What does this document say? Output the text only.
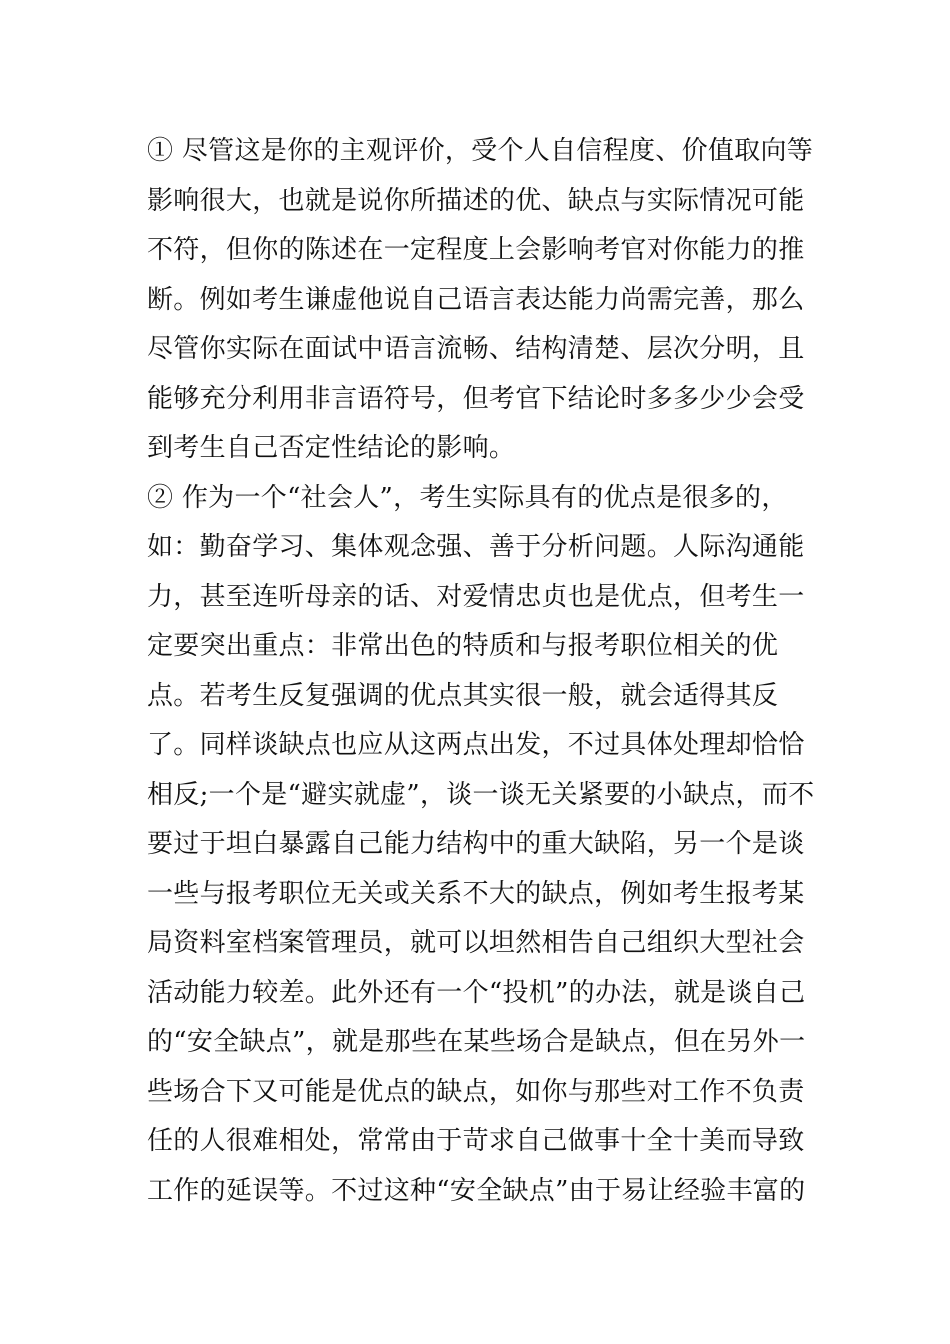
① 尽管这是你的主观评价，受个人自信程度、价值取向等
影响很大，也就是说你所描述的优、缺点与实际情况可能
不符，但你的陈述在一定程度上会影响考官对你能力的推
断。例如考生谦虚他说自己语言表达能力尚需完善，那么
尽管你实际在面试中语言流畅、结构清楚、层次分明，且
能够充分利用非言语符号，但考官下结论时多多少少会受
到考生自己否定性结论的影响。
② 作为一个“社会人”，考生实际具有的优点是很多的，
如：勤奋学习、集体观念强、善于分析问题。人际沟通能
力，甚至连听母亲的话、对爱情忠贞也是优点，但考生一
定要突出重点：非常出色的特质和与报考职位相关的优
点。若考生反复强调的优点其实很一般，就会适得其反
了。同样谈缺点也应从这两点出发，不过具体处理却恰恰
相反;一个是“避实就虚”，谈一谈无关紧要的小缺点，而不
要过于坦白暴露自己能力结构中的重大缺陷，另一个是谈
一些与报考职位无关或关系不大的缺点，例如考生报考某
局资料室档案管理员，就可以坦然相告自己组织大型社会
活动能力较差。此外还有一个“投机”的办法，就是谈自己
的“安全缺点”，就是那些在某些场合是缺点，但在另外一
些场合下又可能是优点的缺点，如你与那些对工作不负责
任的人很难相处，常常由于苛求自己做事十全十美而导致
工作的延误等。不过这种“安全缺点”由于易让经验丰富的
